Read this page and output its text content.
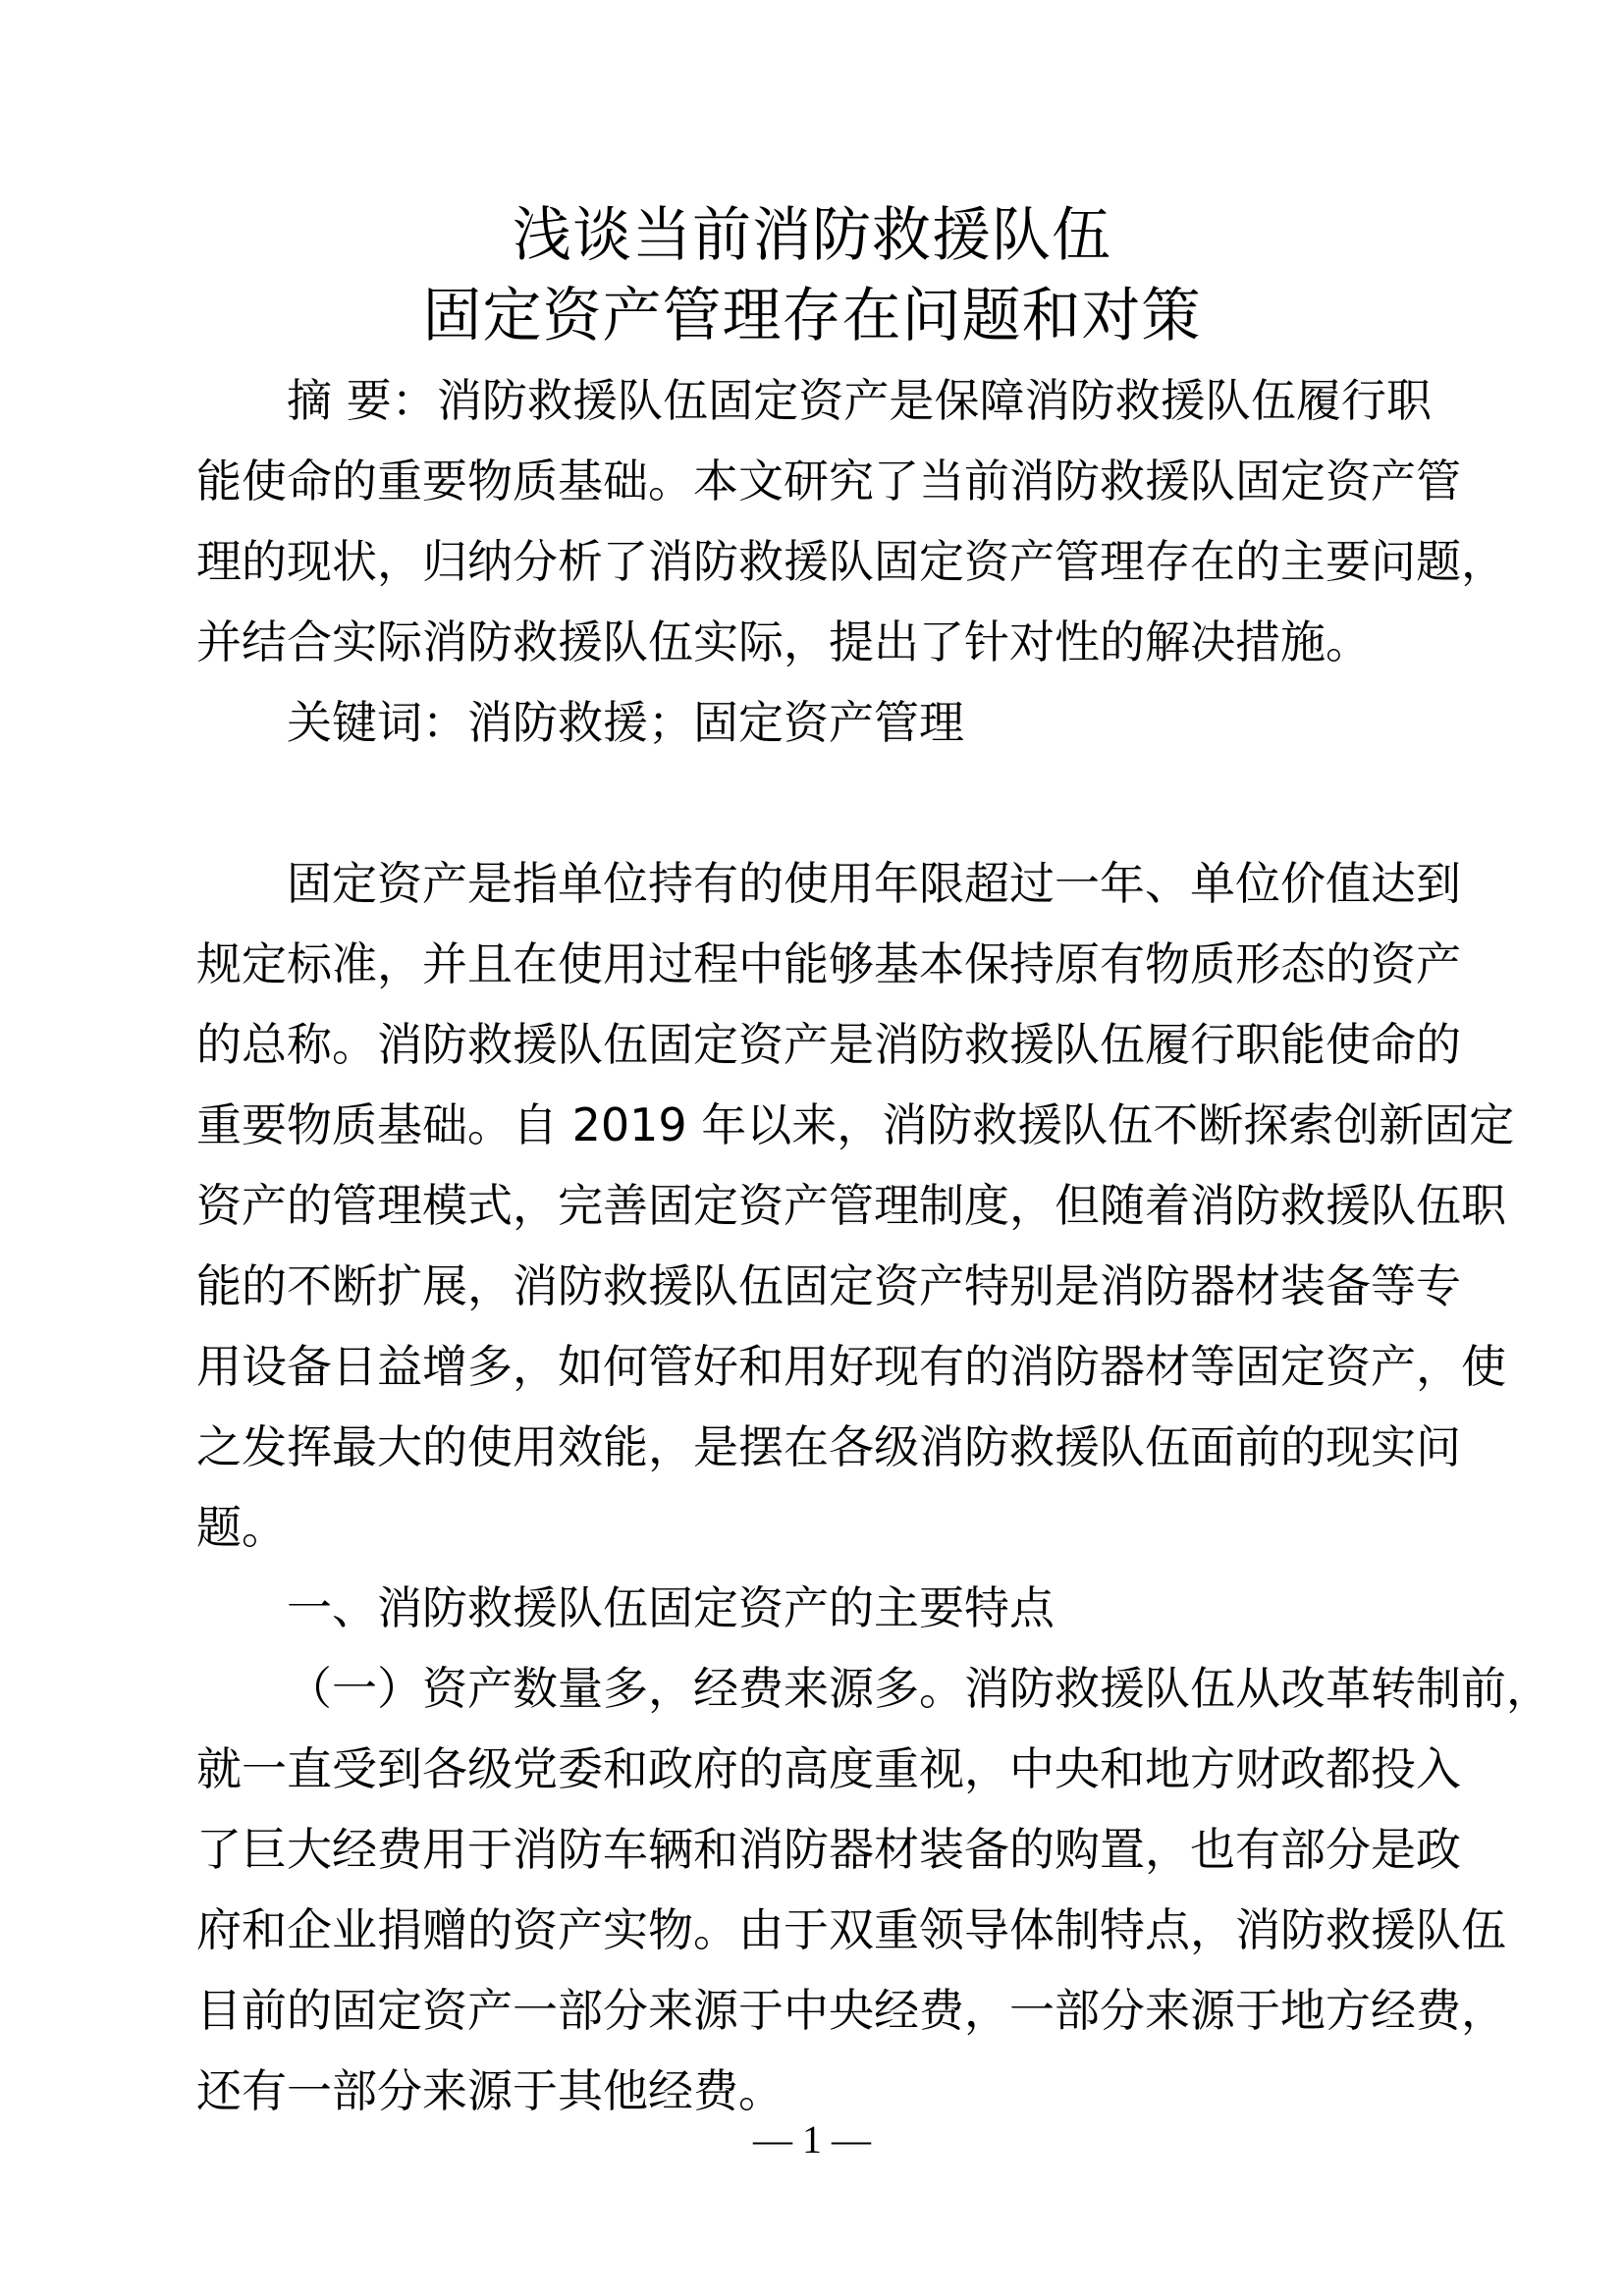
浅谈当前消防救援队伍
固定资产管理存在问题和对策
摘 要：消防救援队伍固定资产是保障消防救援队伍履行职
能使命的重要物质基础。本文研究了当前消防救援队固定资产管
理的现状，归纳分析了消防救援队固定资产管理存在的主要问题，
并结合实际消防救援队伍实际，提出了针对性的解决措施。
关键词：消防救援；固定资产管理
固定资产是指单位持有的使用年限超过一年、单位价值达到
规定标准，并且在使用过程中能够基本保持原有物质形态的资产
的总称。消防救援队伍固定资产是消防救援队伍履行职能使命的
重要物质基础。自 2019 年以来，消防救援队伍不断探索创新固定
资产的管理模式，完善固定资产管理制度，但随着消防救援队伍职
能的不断扩展，消防救援队伍固定资产特别是消防器材装备等专
用设备日益增多，如何管好和用好现有的消防器材等固定资产，使
之发挥最大的使用效能，是摆在各级消防救援队伍面前的现实问
题。
一、消防救援队伍固定资产的主要特点
（一）资产数量多，经费来源多。消防救援队伍从改革转制前，
就一直受到各级党委和政府的高度重视，中央和地方财政都投入
了巨大经费用于消防车辆和消防器材装备的购置，也有部分是政
府和企业捐赠的资产实物。由于双重领导体制特点，消防救援队伍
目前的固定资产一部分来源于中央经费，一部分来源于地方经费，
还有一部分来源于其他经费。
— 1 —
